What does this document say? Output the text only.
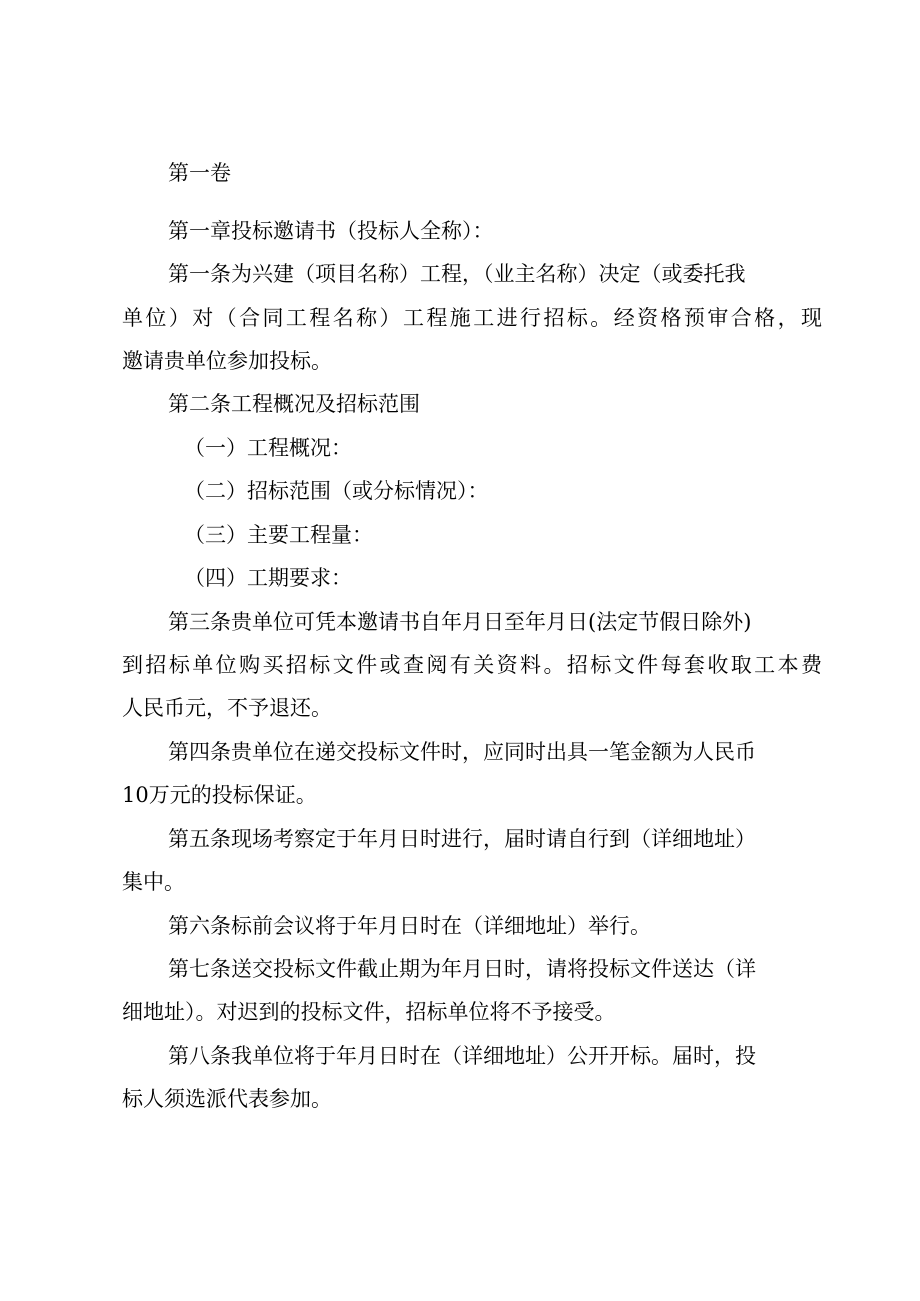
第一卷
第一章投标邀请书（投标人全称）：
第一条为兴建（项目名称）工程，（业主名称）决定（或委托我
单位）对（合同工程名称）工程施工进行招标。经资格预审合格，现
邀请贵单位参加投标。
第二条工程概况及招标范围
（一）工程概况：
（二）招标范围（或分标情况）：
（三）主要工程量：
（四）工期要求：
第三条贵单位可凭本邀请书自年月日至年月日(法定节假日除外)
到招标单位购买招标文件或查阅有关资料。招标文件每套收取工本费
人民币元，不予退还。
第四条贵单位在递交投标文件时，应同时出具一笔金额为人民币
10万元的投标保证。
第五条现场考察定于年月日时进行，届时请自行到（详细地址）
集中。
第六条标前会议将于年月日时在（详细地址）举行。
第七条送交投标文件截止期为年月日时，请将投标文件送达（详
细地址）。对迟到的投标文件，招标单位将不予接受。
第八条我单位将于年月日时在（详细地址）公开开标。届时，投
标人须选派代表参加。
